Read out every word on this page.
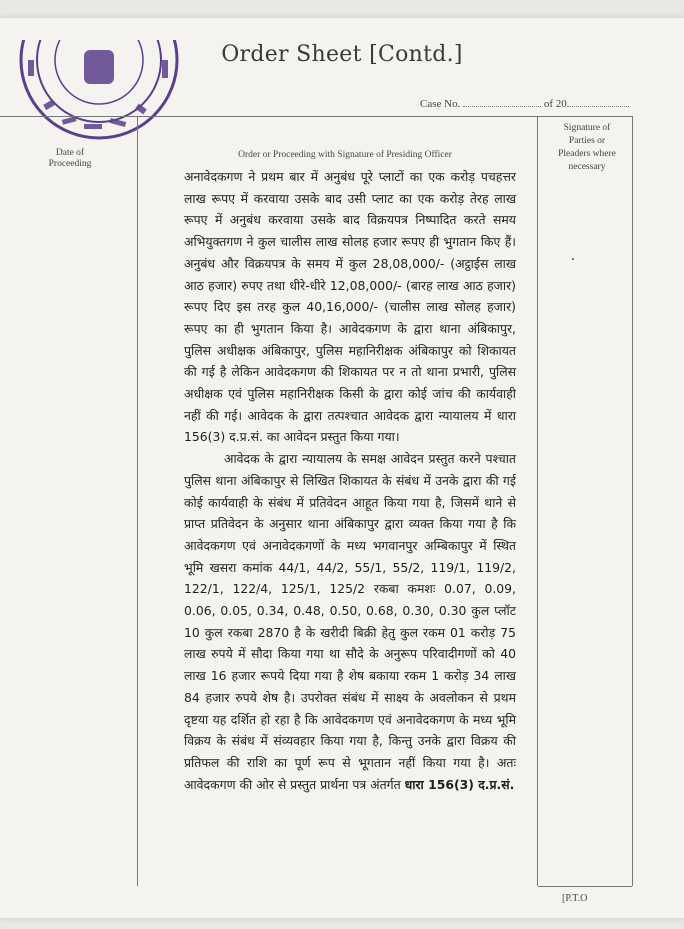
Order Sheet [Contd.]
Case No.	of 20
Date of
Proceeding
Order or Proceeding with Signature of Presiding Officer
Signature of
Parties or
Pleaders where
necessary

अनावेदकगण ने प्रथम बार में अनुबंध पूरे प्लाटों का एक करोड़ पचहत्तर लाख रूपए में करवाया उसके बाद उसी प्लाट का एक करोड़ तेरह लाख रूपए में अनुबंध करवाया उसके बाद विक्रयपत्र निष्पादित करते समय अभियुक्तगण ने कुल चालीस लाख सोलह हजार रूपए ही भुगतान किए हैं। अनुबंध और विक्रयपत्र के समय में कुल 28,08,000/- (अट्ठाईस लाख आठ हजार) रुपए तथा धीरे-धीरे 12,08,000/- (बारह लाख आठ हजार) रूपए दिए इस तरह कुल 40,16,000/- (चालीस लाख सोलह हजार) रूपए का ही भुगतान किया है। आवेदकगण के द्वारा थाना अंबिकापुर, पुलिस अधीक्षक अंबिकापुर, पुलिस महानिरीक्षक अंबिकापुर को शिकायत की गई है लेकिन आवेदकगण की शिकायत पर न तो थाना प्रभारी, पुलिस अधीक्षक एवं पुलिस महानिरीक्षक किसी के द्वारा कोई जांच की कार्यवाही नहीं की गई। आवेदक के द्वारा तत्पश्चात आवेदक द्वारा न्यायालय में धारा 156(3) द.प्र.सं. का आवेदन प्रस्तुत किया गया।

आवेदक के द्वारा न्यायालय के समक्ष आवेदन प्रस्तुत करने पश्चात पुलिस थाना अंबिकापुर से लिखित शिकायत के संबंध में उनके द्वारा की गई कोई कार्यवाही के संबंध में प्रतिवेदन आहूत किया गया है, जिसमें थाने से प्राप्त प्रतिवेदन के अनुसार थाना अंबिकापुर द्वारा व्यक्त किया गया है कि आवेदकगण एवं अनावेदकगणों के मध्य भगवानपुर अम्बिकापुर में स्थित भूमि खसरा कमांक 44/1, 44/2, 55/1, 55/2, 119/1, 119/2, 122/1, 122/4, 125/1, 125/2 रकबा कमशः 0.07, 0.09, 0.06, 0.05, 0.34, 0.48, 0.50, 0.68, 0.30, 0.30 कुल प्लॉट 10 कुल रकबा 2870 है के खरीदी बिक्री हेतु कुल रकम 01 करोड़ 75 लाख रुपये में सौदा किया गया था सौदे के अनुरूप परिवादीगणों को 40 लाख 16 हजार रूपये दिया गया है शेष बकाया रकम 1 करोड़ 34 लाख 84 हजार रुपये शेष है। उपरोक्त संबंध में साक्ष्य के अवलोकन से प्रथम दृष्टया यह दर्शित हो रहा है कि आवेदकगण एवं अनावेदकगण के मध्य भूमि विक्रय के संबंध में संव्यवहार किया गया है, किन्तु उनके द्वारा विक्रय की प्रतिफल की राशि का पूर्ण रूप से भूगतान नहीं किया गया है। अतः आवेदकगण की ओर से प्रस्तुत प्रार्थना पत्र अंतर्गत धारा 156(3) द.प्र.सं.

[P.T.O
